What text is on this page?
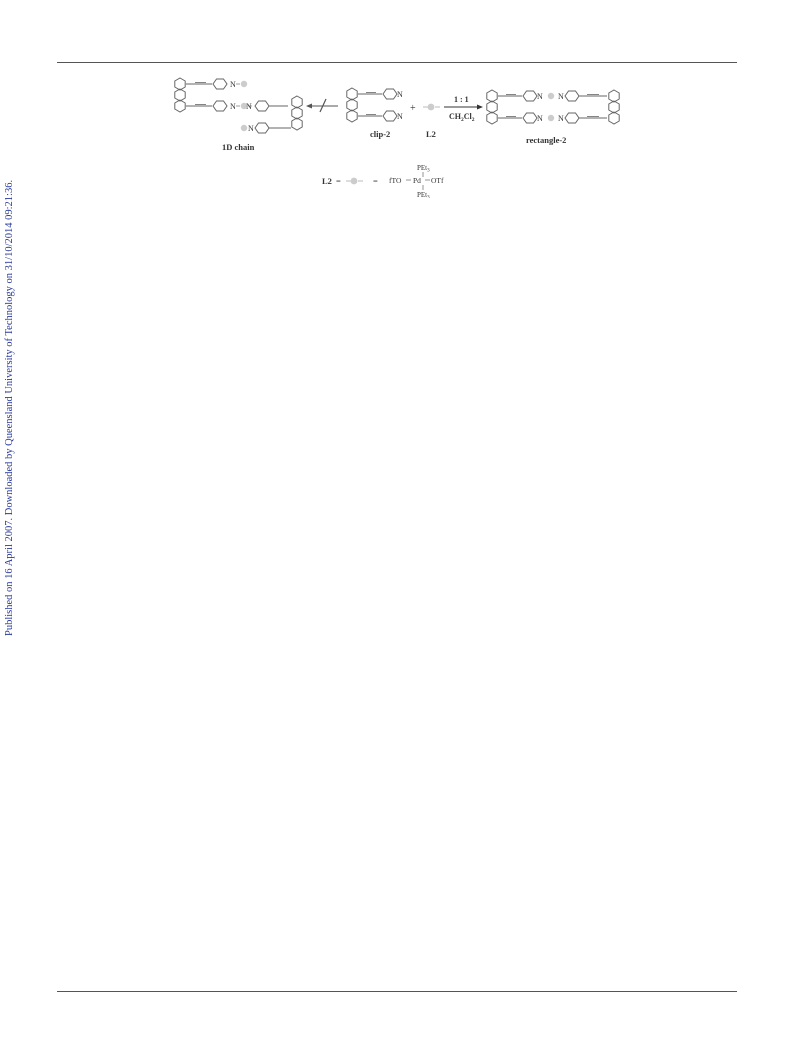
Published on 16 April 2007. Downloaded by Queensland University of Technology on 31/10/2014 09:21:36.
N
N N
N
1D chain
N
N
clip-2
+
L2
1 : 1
$CH_2Cl_2$
N N
N N
rectangle-2
L2 =	=
PEt$_3$
fTO Pd OTf
PEt$_3$
